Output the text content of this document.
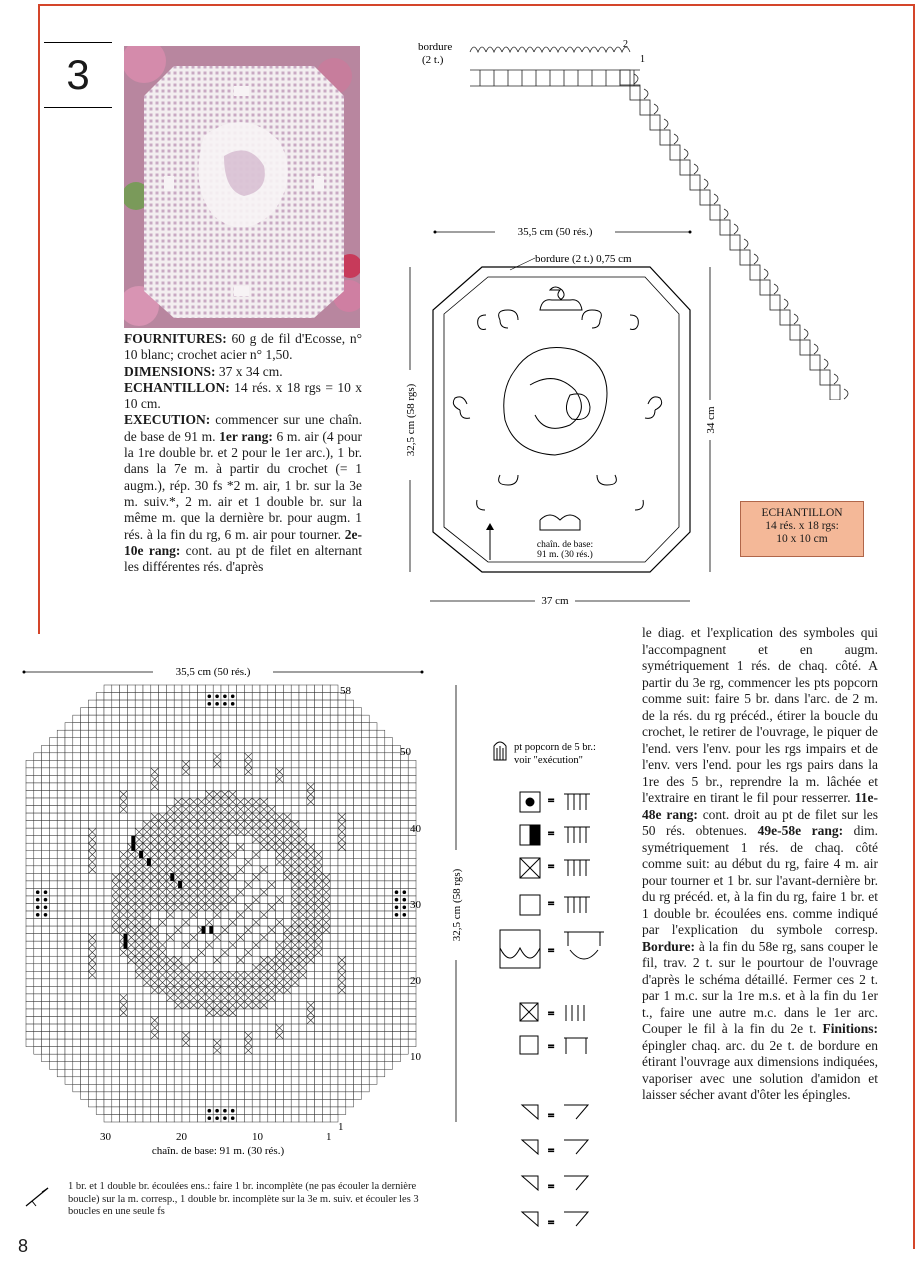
3
FOURNITURES: 60 g de fil d'Ecosse, n° 10 blanc; crochet acier n° 1,50.
DIMENSIONS: 37 x 34 cm.
ECHANTILLON: 14 rés. x 18 rgs = 10 x 10 cm.
EXECUTION: commencer sur une chaîn. de base de 91 m. 1er rang: 6 m. air (4 pour la 1re double br. et 2 pour le 1er arc.), 1 br. dans la 7e m. à partir du crochet (= 1 augm.), rép. 30 fs *2 m. air, 1 br. sur la 3e m. suiv.*, 2 m. air et 1 double br. sur la même m. que la dernière br. pour augm. 1 rés. à la fin du rg, 6 m. air pour tourner. 2e-10e rang: cont. au pt de filet en alternant les différentes rés. d'après
bordure
(2 t.)
2
1
35,5 cm (50 rés.)
bordure (2 t.) 0,75 cm
chaîn. de base:
91 m. (30 rés.)
32,5 cm (58 rgs)	34 cm
37 cm
ECHANTILLON
14 rés. x 18 rgs:
10 x 10 cm
le diag. et l'explication des symboles qui l'accompagnent et en augm. symétriquement 1 rés. de chaq. côté. A partir du 3e rg, commencer les pts popcorn comme suit: faire 5 br. dans l'arc. de 2 m. de la rés. du rg précéd., étirer la boucle du crochet, le retirer de l'ouvrage, le piquer de l'end. vers l'env. pour les rgs impairs et de l'env. vers l'end. pour les rgs pairs dans la 1re des 5 br., reprendre la m. lâchée et l'extraire en tirant le fil pour resserrer. 11e-48e rang: cont. droit au pt de filet sur les 50 rés. obtenues. 49e-58e rang: dim. symétriquement 1 rés. de chaq. côté comme suit: au début du rg, faire 4 m. air pour tourner et 1 br. sur l'avant-dernière br. du rg précéd. et, à la fin du rg, faire 1 br. et 1 double br. écoulées ens. comme indiqué par l'explication du symbole corresp. Bordure: à la fin du 58e rg, sans couper le fil, trav. 2 t. sur le pourtour de l'ouvrage d'après le schéma détaillé. Fermer ces 2 t. par 1 m.c. sur la 1re m.s. et à la fin du 1er t., faire une autre m.c. dans le 1er arc. Couper le fil à la fin du 2e t. Finitions: épingler chaq. arc. du 2e t. de bordure en étirant l'ouvrage aux dimensions indiquées, vaporiser avec une solution d'amidon et laisser sécher avant d'ôter les épingles.
35,5 cm (50 rés.)
32,5 cm (58 rgs)
58
50
40
30
20
10
1
30	20	10	1
chaîn. de base: 91 m. (30 rés.)
pt popcorn de 5 br.:
voir "exécution"
=
=
=
=
=
=
=
=
=
=
=
1 br. et 1 double br. écoulées ens.: faire 1 br. incomplète (ne pas écouler la dernière boucle) sur la m. corresp., 1 double br. incomplète sur la 3e m. suiv. et écouler les 3 boucles en une seule fs
8
